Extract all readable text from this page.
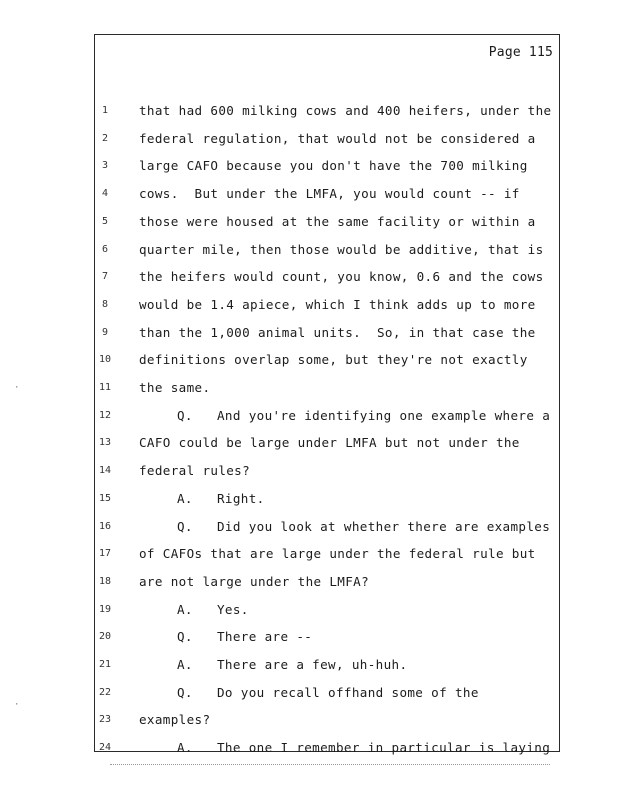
Page 115
1	that had 600 milking cows and 400 heifers, under the
2	federal regulation, that would not be considered a
3	large CAFO because you don't have the 700 milking
4	cows.  But under the LMFA, you would count -- if
5	those were housed at the same facility or within a
6	quarter mile, then those would be additive, that is
7	the heifers would count, you know, 0.6 and the cows
8	would be 1.4 apiece, which I think adds up to more
9	than the 1,000 animal units.  So, in that case the
10	definitions overlap some, but they're not exactly
11	the same.
12	Q. And you're identifying one example where a
13	CAFO could be large under LMFA but not under the
14	federal rules?
15	A. Right.
16	Q. Did you look at whether there are examples
17	of CAFOs that are large under the federal rule but
18	are not large under the LMFA?
19	A. Yes.
20	Q. There are --
21	A. There are a few, uh-huh.
22	Q. Do you recall offhand some of the
23	examples?
24	A. The one I remember in particular is laying
·
·
